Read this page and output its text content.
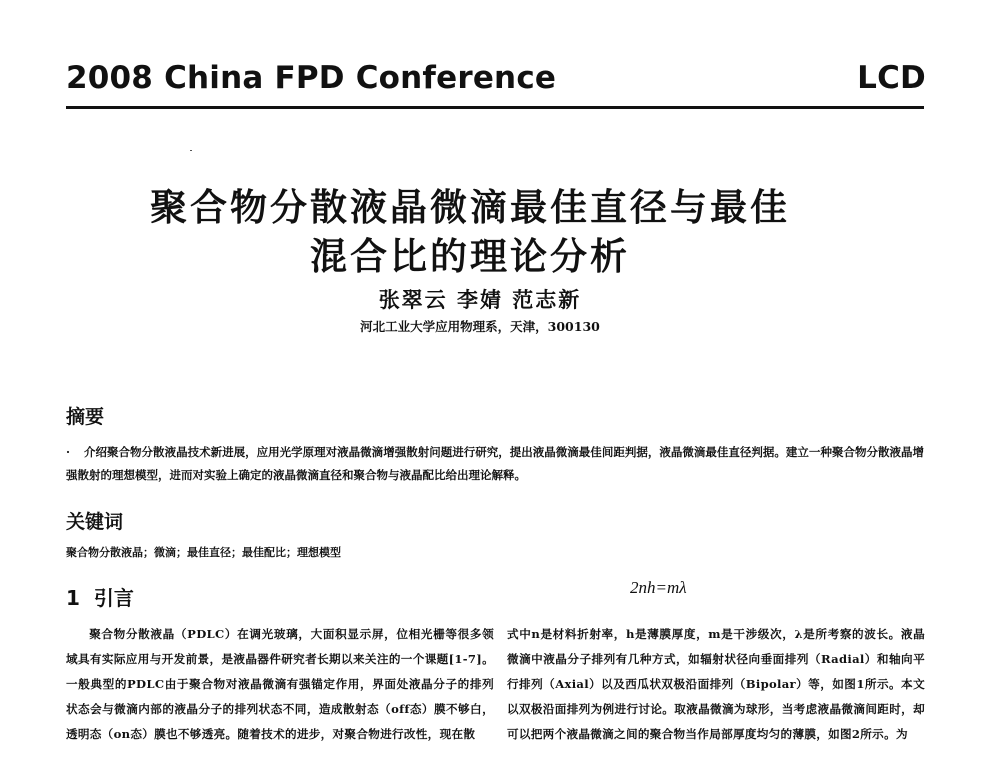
2008 China FPD Conference	LCD
聚合物分散液晶微滴最佳直径与最佳
混合比的理论分析
张翠云 李婧 范志新
河北工业大学应用物理系，天津，300130
摘要
· 介绍聚合物分散液晶技术新进展，应用光学原理对液晶微滴增强散射问题进行研究，提出液晶微滴最佳间距判据，液晶微滴最佳直径判据。建立一种聚合物分散液晶增强散射的理想模型，进而对实验上确定的液晶微滴直径和聚合物与液晶配比给出理论解释。
关键词
聚合物分散液晶；微滴；最佳直径；最佳配比；理想模型
1 引言	2nh=mλ
聚合物分散液晶（PDLC）在调光玻璃，大面积显示屏，位相光栅等很多领域具有实际应用与开发前景，是液晶器件研究者长期以来关注的一个课题[1-7]。一般典型的PDLC由于聚合物对液晶微滴有强锚定作用，界面处液晶分子的排列状态会与微滴内部的液晶分子的排列状态不同，造成散射态（off态）膜不够白，透明态（on态）膜也不够透亮。随着技术的进步，对聚合物进行改性，现在散
式中n是材料折射率，h是薄膜厚度，m是干涉级次，λ是所考察的波长。液晶微滴中液晶分子排列有几种方式，如辐射状径向垂面排列（Radial）和轴向平行排列（Axial）以及西瓜状双极沿面排列（Bipolar）等，如图1所示。本文以双极沿面排列为例进行讨论。取液晶微滴为球形，当考虑液晶微滴间距时，却可以把两个液晶微滴之间的聚合物当作局部厚度均匀的薄膜，如图2所示。为
